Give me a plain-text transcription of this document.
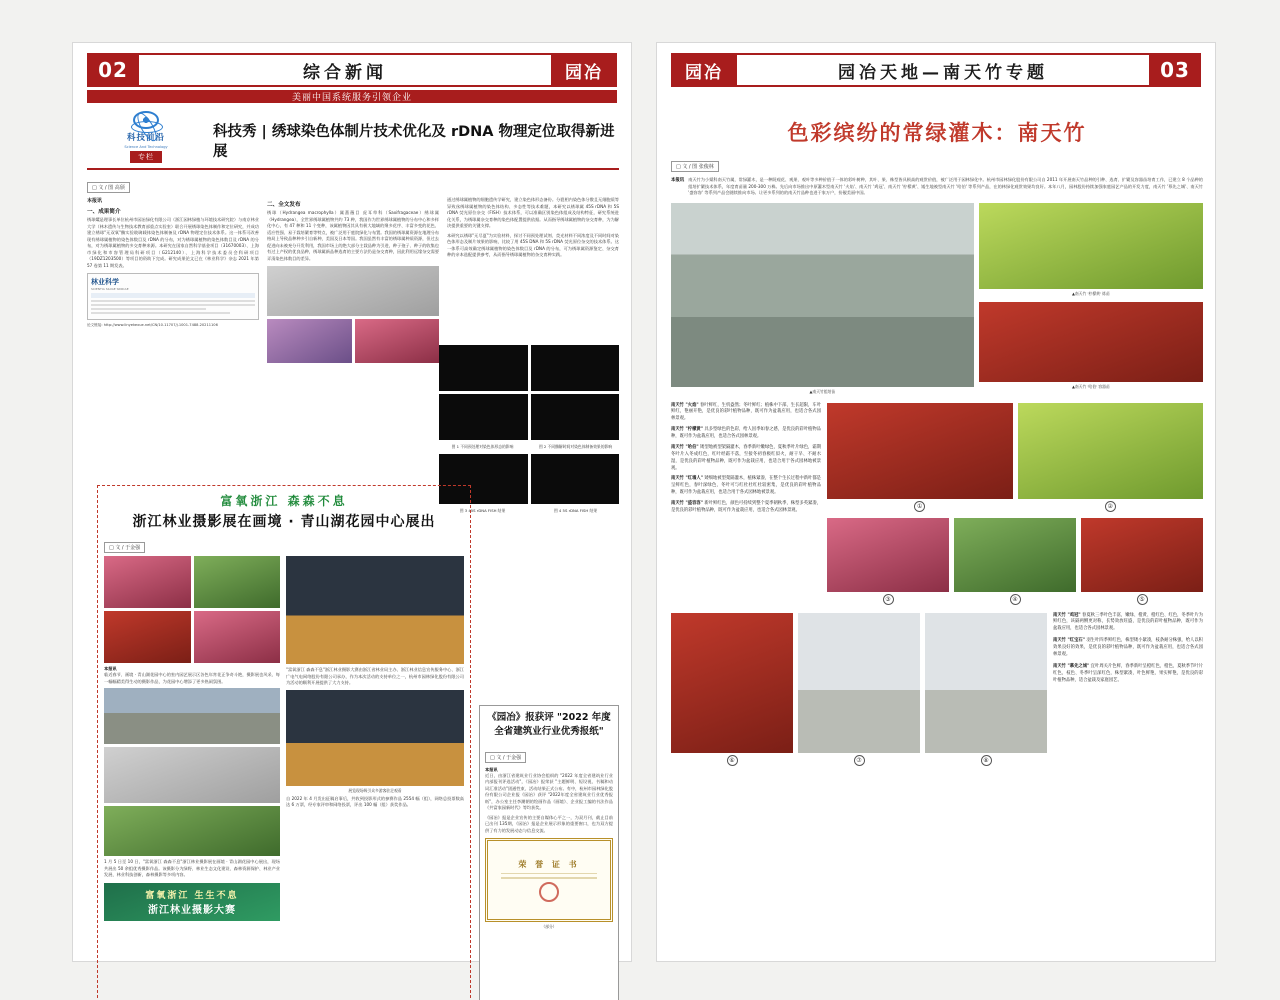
02	综合新闻	园冶
美丽中国系统服务引领企业
科技前沿
Science And Technology
专栏
科技秀 | 绣球染色体制片技术优化及 rDNA 物理定位取得新进展
□ 文 / 图 高颀
本报讯
一、成果简介
绣球嫘是理事长单位杭州市园冶绿化有限公司（浙江园林绿植与环境技术研究院）与南京林业大学（林木遗传与生物技术教育部重点实验室）联合开展绣球染色体制作和定位研究，并成功建立绣球"无双氧"酶实验玻璃载体染色体制备及 rDNA 物理定位技术体系。这一体系可改善现有绣球属植物的染色体数目及 rDNA 的分布，对为绣球属植物的染色体数目及 rDNA 的分布，对为绣球属植物的多交育种来源。本研究在国家自然科学基金项目（31670003）、上海市绿化和市容管理局科研项目（G212140）、上海科学技术委员会科研项目（19DZ1203500）等项目的资助下完成。研究成果论文已在《林业科学》杂志 2021 年第 57 卷第 11 期发表。
林业科学
SCIENTIA SILVAE SINICAE
论文链接: http://www.linyekexue.net/CN/10.11707/j.1001-7488.20211106
二、全文发布
绣球（Hydrangea macrophylla）属蔷薇目 虎耳草科（Saxifragaceae）绣球属（Hydrangea），全世界绣球属植物共约 73 种，我国作为世界绣球属植物的分布中心和多样化中心，有 47 种和 11 个变种，该属植物因其具有极大地域的聚多花序、丰富多变的花色、适应性强、易于栽培繁育等特点，被广泛用于庭院绿化与布置。我国的绣球属资源在地理分布格局上导致品种种多引自新种，美国及日本等国。我国虽然有丰富的绣球属种质资源，但过去促进向未被充分开发利用，我国市场上的绝大部分主栽品种为引进，种子孢子、种子的收集也有过上产权的优良品种，绣球属新品种选育的主要方法仍是杂交育种，因此利用远缘杂交需要弄清染色体数目的差异。
通过绣球属植物的细胞遗传学研究，建立染色体形态备份。分裂相内染色体分散且无细胞质等异致丝绣球属植物的染色体结构、多态性等技术难题，本研究以绣球属 45S rDNA 和 5S rDNA 荧光原位杂交（FISH）技术体系，可以准确区别染色体组成及结构特征，研究系统进化关系，为绣球属杂交育种的染色体配置提供依据。从而指导绣球属植物的杂交育种，为为解决提供重要的关键支撑。
本研究以绣球"无尽夏"为实验材料，探讨不同预处理试剂、荧光材料不同浓度及不同时间对染色体形态及制片效果的影响，比较了用 45S DNA 和 5S rDNA 荧光原位杂交的技术体系。这一体系可高效确定绣球属植物的染色体数目及 rDNA 的分布，可为绣球属资源鉴定、杂交育种的亲本选配提供参考，从而指导绣球属植物的杂交育种实践。
图 1 不同预处理对染色体形态的影响	图 2 不同酶解时间对染色体制备效果的影响
图 3 45S rDNA FISH 结果	图 4 5S rDNA FISH 结果
富氧浙江 森森不息
浙江林业摄影展在画境 · 青山湖花园中心展出
□ 文 / 于金强
本报讯
临近春节、画境 · 青山湖花园中心的室内园艺展示区各色年宵花正争奇斗艳，摄影展也风采、每一幅幅精美得生动的摄影作品，为花园中心增添了更多热闹氛围。
1 月 5 日至 10 日，"富氧浙江 森森不息"浙江林业摄影展在画境 · 青山湖花园中心展出，现场共展出 50 余组优秀摄影作品。该摄影分为绿野、林业生态文化建设、森林资源保护、林业产业发展、林业科技创新，森林摄影等多项内容。
富氧浙江 生生不息
浙江林业摄影大赛
"富氧浙江 森森不息"浙江林业摄影大赛由浙江省林业局主办、浙江林业信息宣传服务中心、浙江广电气电网络股份有限公司承办，作为本次活动的支持单位之一，杭州市园林绿化股份有限公司为活动的顺利开展提供了大力支持。
展览现场吸引众多游客驻足观看
自 2022 年 4 月发出征稿启事后，共收到投影形式的参赛作品 2554 幅（组），网络总投票数高达 6 万票，经专家评审和网络投票，评出 100 幅（组）获奖作品。
《园冶》报获评 "2022 年度全省建筑业行业优秀报纸"
□ 文 / 于金强
本报讯
近日，由浙江省建筑业行业协会组织的 "2022 年度全省建筑业行业内部报刊评选活动"，《园冶》报荣获 "主题鲜明、短设视、书稿和动词汇准活动"团通性束、活动结果正式公布。有中，杭州市园林绿化股份有限公司企业报《园冶》获评 "2022年度全省建筑业行业优秀报纸"，办公室主任李潮朝的绘画作品《画境》、企业报工编的书法作品《共富家园新时代》等均获奖。
《园冶》报是企业宣传的主要自媒体心平之一，为双月刊，截止目前已出刊 135期，《园冶》报是企业展示形象的重要窗口，也为双方提供了有力的发展动态与信息交流。
荣 誉 证 书
（部分）
园冶	园冶天地—南天竹专题	03
色彩缤纷的常绿灌木：南天竹
□ 文 / 图 张俊林
本报讯 南天竹为小檗科南天竹属，常绿灌木，是一种既观花、观果、观叶等多种价值于一体的彩叶树种，其叶、果、株型皆具极高的观赏价值，被广泛用于园林绿化中。杭州市园林绿化股份有限公司自 2011 年开展南天竹品种的引种、选育、扩繁及容器苗培育工作，已建立 8 个品种的组培扩繁技术体系，年度育苗量 200-300 万株。先后向市场推出中原灌木型南天竹 '火焰'、南天竹 '鸡冠'、南天竹 '柠檬黄'、矮生地被型南天竹 '哈伯' 等系列产品，在的林绿化观赏效果均良好。本年八月，园林股份持续加强家庭园艺产品的开发力度，南天竹 '慕先之城'、南天竹 '盛容容' 等系列产品会随续推向市场。让更多系列的的南天竹品种也进于家万户，扮靓美丽中国。
▲南天竹组培苗
▲南天竹 '柠檬黄' 炼苗
▲南天竹 '哈伯' 容器苗
南天竹 "火焰" 春叶鲜红，生机盎然；冬叶鲜红；植株中下部，生长超限，车叶鲜红，艳丽开艳，是优良的彩叶植物品种，既可作为盆栽应用，也适合各式园林景观。
南天竹 "柠檬黄" 具多型绿色的色彩，给人因季如春之感，是优良的彩叶植物品种，既可作为盆栽应用，也适合各式园林景观。
南天竹 "哈伯" 矮型地被型架隔灌木，春季新叶嫩绿色，夏秋季叶片绿色，霜期冬叶片入冬成红色，红叶经霜不落，至接冬初春极红似火，耐干早、不耐水湿，是优良的彩叶植物品种，既可作为盆栽应用，也适合用于各式园林地被景观。
南天竹 "红墙人" 矮细地被型架隔灌木，植株紧凑，在整个生长过程中新叶都是呈鲜红色，春叶深绿色，冬叶可与红杜杜红杜较密集，是优良的彩叶植物品种，既可作为盆栽应用，也适合用于各式园林地被景观。
南天竹 "盛容容" 新叶鲜红色，颜色可持续到整个夏季朝秋季，株型多英紧凑，是优良的彩叶植物品种，既可作为盆栽应用，也适合各式园林景观。
①	②
③	④	⑤
⑥	⑦	⑧
南天竹 "鸡冠" 春夏秋三季叶色丰富，嫩绿、橙黄、橙红色、红色，冬季叶片为鲜红色，该隔两侧更对称，长势效放旺盛，是优良的彩叶植物品种，既可作为盆栽应用，也适合各式园林景观。
南天竹 "红宝石" 羽生叶四季鲜红色，株型矮小紧凑，枝条耐分株强，给人以积效果良好的效果，是优良的彩叶植物品种，既可作为盆栽应用，也适合各式园林景观。
南天竹 "慕先之城" 宜叶周关片色鲜，春季新叶呈橙红色，橙色，夏秋季节叶片红色，枝色、冬季叶呈深红色，株型紧凑，叶色鲜艳，果实鲜艳，是优良的彩叶植物品种，适合盆栽及家庭园艺。
